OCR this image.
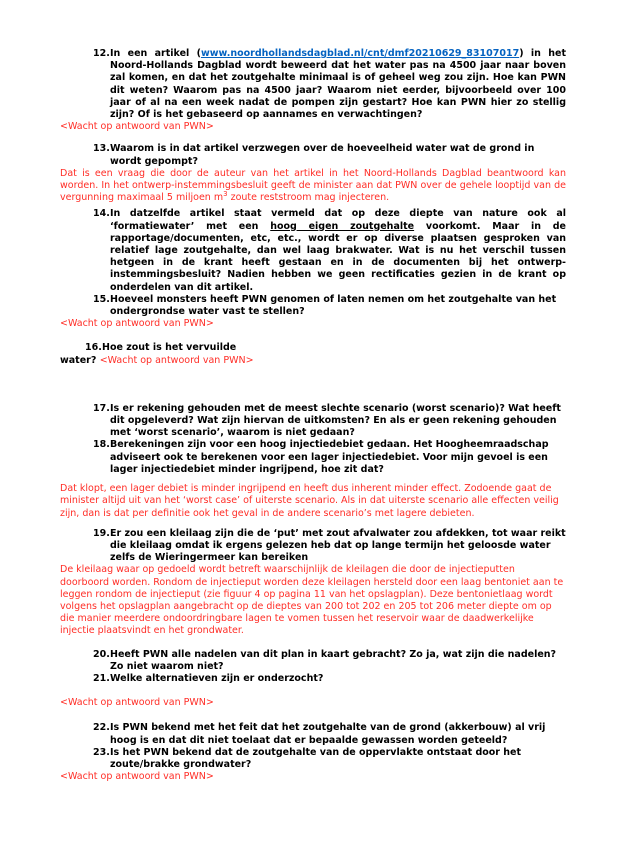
12. In een artikel (www.noordhollandsdagblad.nl/cnt/dmf20210629_83107017) in het Noord-Hollands Dagblad wordt beweerd dat het water pas na 4500 jaar naar boven zal komen, en dat het zoutgehalte minimaal is of geheel weg zou zijn. Hoe kan PWN dit weten? Waarom pas na 4500 jaar? Waarom niet eerder, bijvoorbeeld over 100 jaar of al na een week nadat de pompen zijn gestart? Hoe kan PWN hier zo stellig zijn? Of is het gebaseerd op aannames en verwachtingen?
<Wacht op antwoord van PWN>
13. Waarom is in dat artikel verzwegen over de hoeveelheid water wat de grond in wordt gepompt?
Dat is een vraag die door de auteur van het artikel in het Noord-Hollands Dagblad beantwoord kan worden. In het ontwerp-instemmingsbesluit geeft de minister aan dat PWN over de gehele looptijd van de vergunning maximaal 5 miljoen $m^3$ zoute reststroom mag injecteren.
14. In datzelfde artikel staat vermeld dat op deze diepte van nature ook al ‘formatiewater’ met een hoog eigen zoutgehalte voorkomt. Maar in de rapportage/documenten, etc, etc., wordt er op diverse plaatsen gesproken van relatief lage zoutgehalte, dan wel laag brakwater. Wat is nu het verschil tussen hetgeen in de krant heeft gestaan en in de documenten bij het ontwerp-instemmingsbesluit? Nadien hebben we geen rectificaties gezien in de krant op onderdelen van dit artikel.
15. Hoeveel monsters heeft PWN genomen of laten nemen om het zoutgehalte van het ondergrondse water vast te stellen?
<Wacht op antwoord van PWN>
16. Hoe zout is het vervuilde
water? <Wacht op antwoord van PWN>
17. Is er rekening gehouden met de meest slechte scenario (worst scenario)? Wat heeft dit opgeleverd? Wat zijn hiervan de uitkomsten? En als er geen rekening gehouden met ‘worst scenario’, waarom is niet gedaan?
18. Berekeningen zijn voor een hoog injectiedebiet gedaan. Het Hoogheemraadschap adviseert ook te berekenen voor een lager injectiedebiet. Voor mijn gevoel is een lager injectiedebiet minder ingrijpend, hoe zit dat?
Dat klopt, een lager debiet is minder ingrijpend en heeft dus inherent minder effect. Zodoende gaat de minister altijd uit van het ‘worst case’ of uiterste scenario. Als in dat uiterste scenario alle effecten veilig zijn, dan is dat per definitie ook het geval in de andere scenario’s met lagere debieten.
19. Er zou een kleilaag zijn die de ‘put’ met zout afvalwater zou afdekken, tot waar reikt die kleilaag omdat ik ergens gelezen heb dat op lange termijn het geloosde water zelfs de Wieringermeer kan bereiken
De kleilaag waar op gedoeld wordt betreft waarschijnlijk de kleilagen die door de injectieputten doorboord worden. Rondom de injectieput worden deze kleilagen hersteld door een laag bentoniet aan te leggen rondom de injectieput (zie figuur 4 op pagina 11 van het opslagplan). Deze bentonietlaag wordt volgens het opslagplan aangebracht op de dieptes van 200 tot 202 en 205 tot 206 meter diepte om op die manier meerdere ondoordringbare lagen te vomen tussen het reservoir waar de daadwerkelijke injectie plaatsvindt en het grondwater.
20. Heeft PWN alle nadelen van dit plan in kaart gebracht? Zo ja, wat zijn die nadelen? Zo niet waarom niet?
21. Welke alternatieven zijn er onderzocht?
<Wacht op antwoord van PWN>
22. Is PWN bekend met het feit dat het zoutgehalte van de grond (akkerbouw) al vrij hoog is en dat dit niet toelaat dat er bepaalde gewassen worden geteeld?
23. Is het PWN bekend dat de zoutgehalte van de oppervlakte ontstaat door het zoute/brakke grondwater?
<Wacht op antwoord van PWN>
